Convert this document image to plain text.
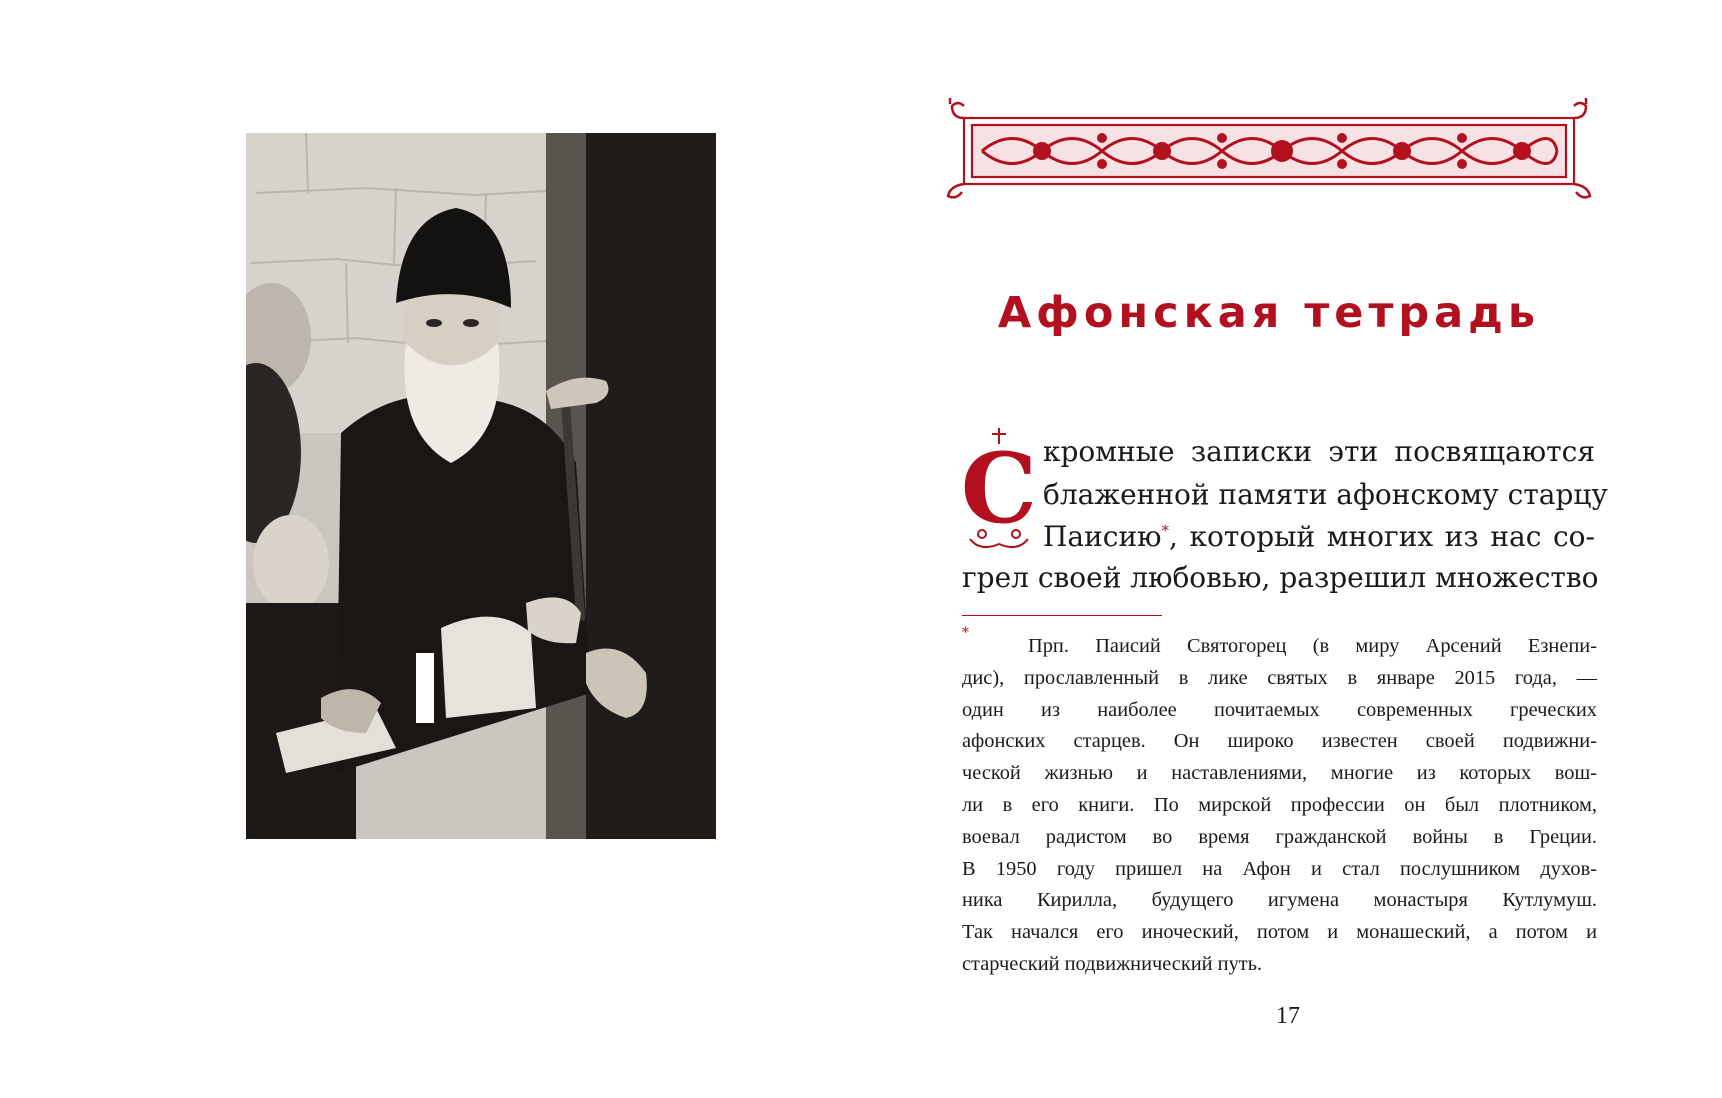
Афонская тетрадь
С кромные записки эти посвящаются
блаженной памяти афонскому старцу
Паисию*, который многих из нас со-
грел своей любовью, разрешил множество
*

Прп. Паисий Святогорец (в миру Арсений Езнепи-
дис), прославленный в лике святых в январе 2015 года, —
один из наиболее почитаемых современных греческих
афонских старцев. Он широко известен своей подвижни-
ческой жизнью и наставлениями, многие из которых вош-
ли в его книги. По мирской профессии он был плотником,
воевал радистом во время гражданской войны в Греции.
В 1950 году пришел на Афон и стал послушником духов-
ника Кирилла, будущего игумена монастыря Кутлумуш.
Так начался его иноческий, потом и монашеский, а потом и
старческий подвижнический путь.

17
